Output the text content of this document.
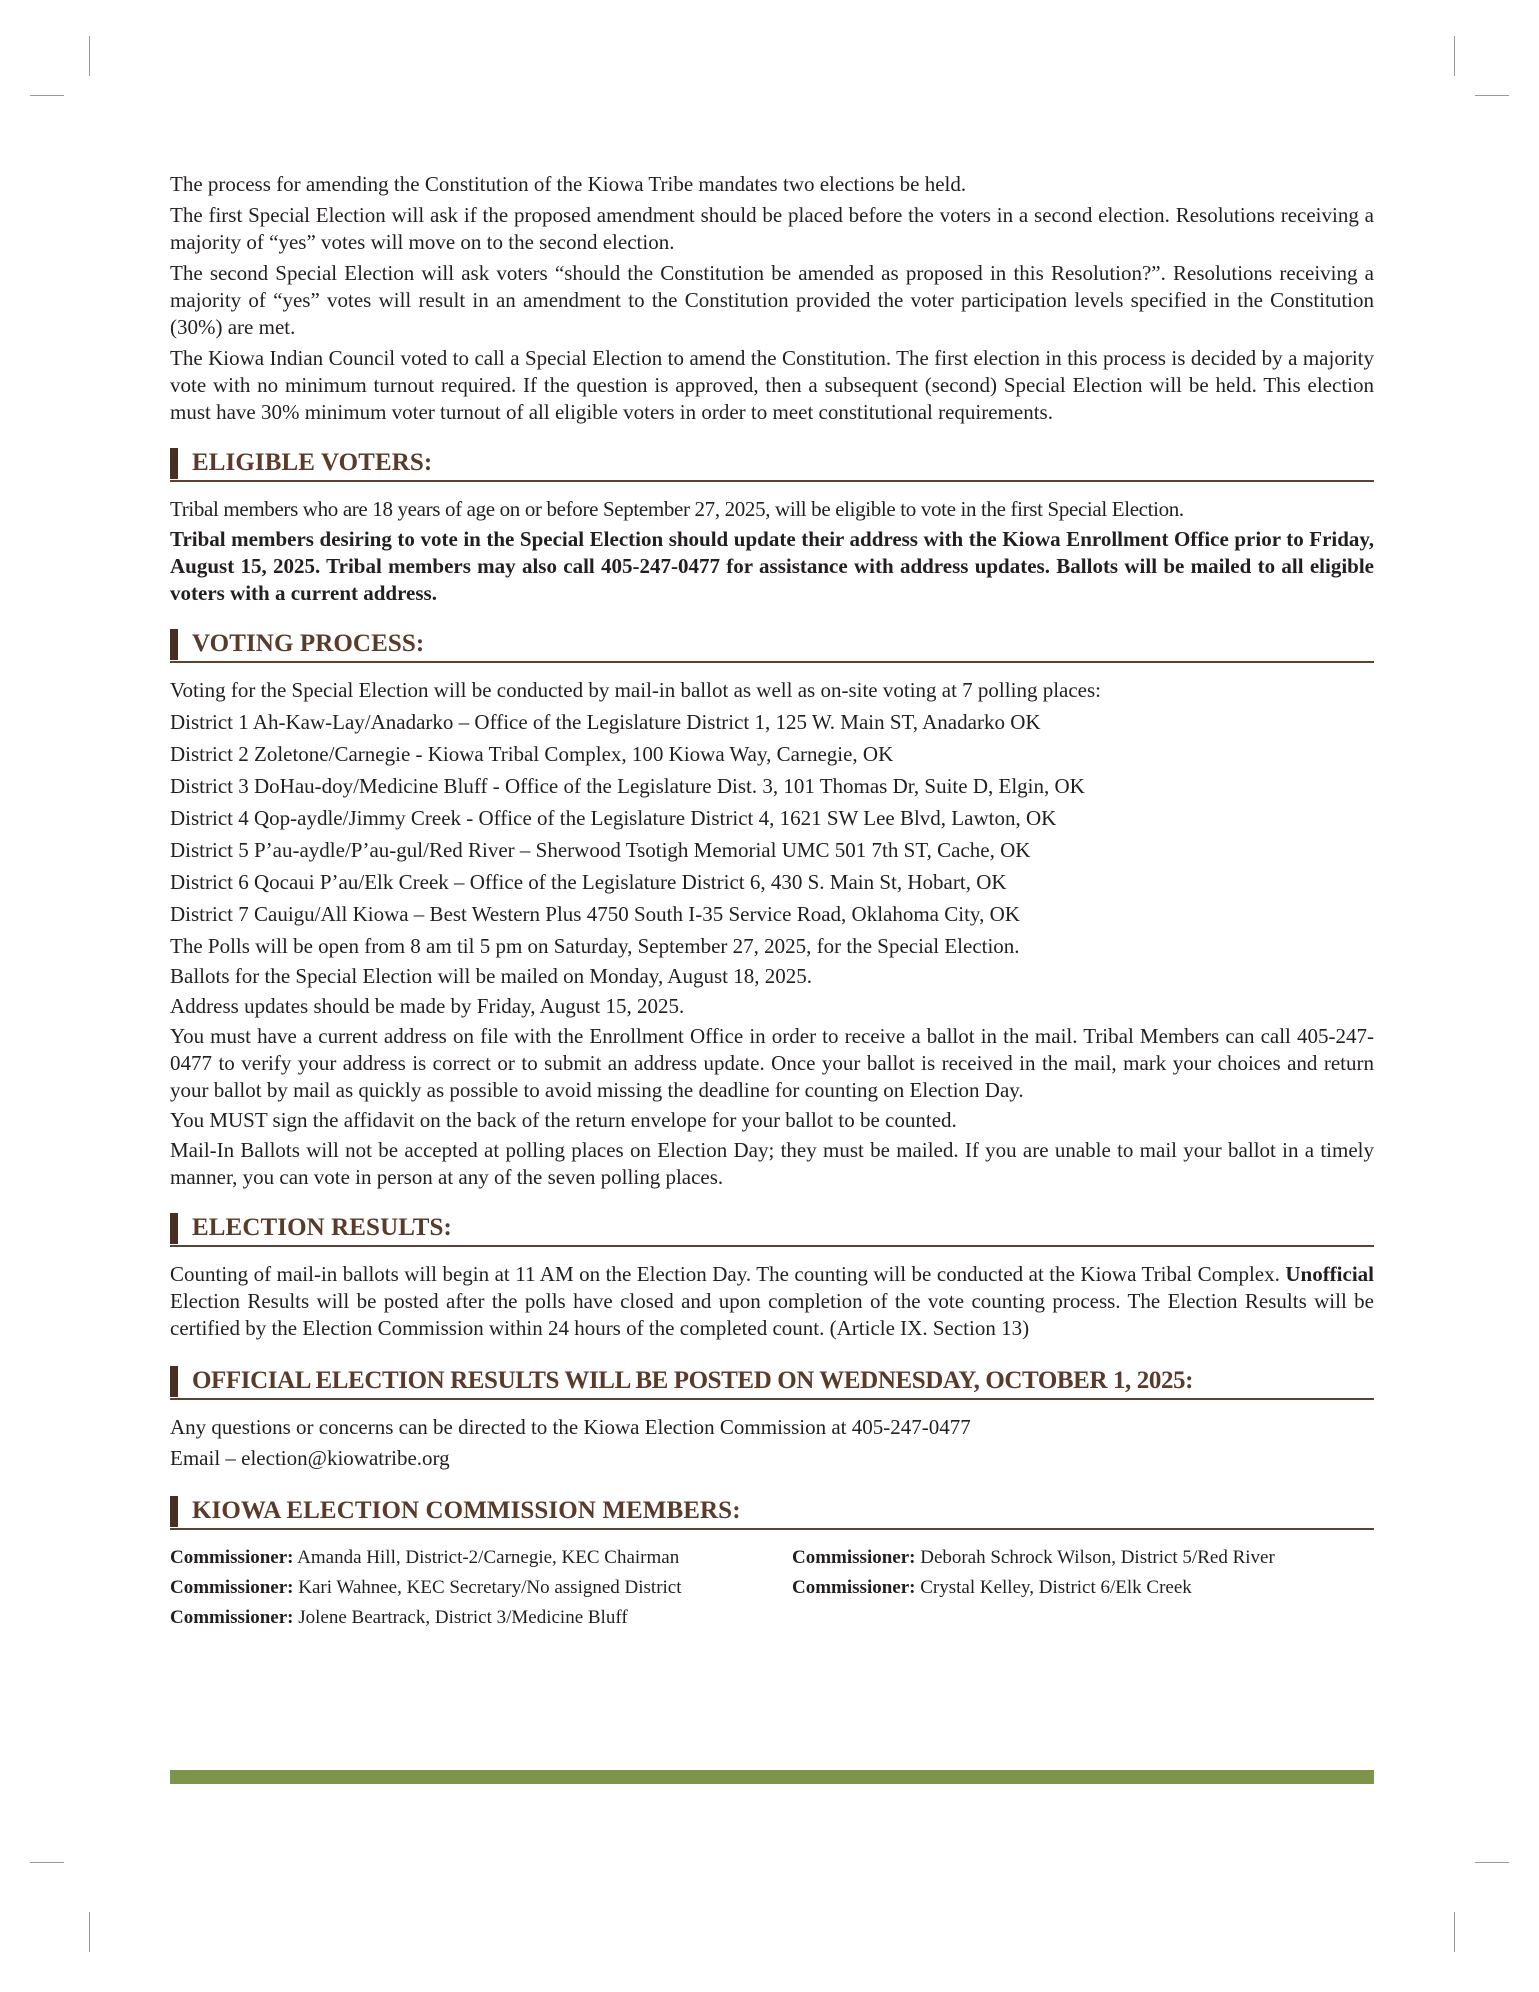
The process for amending the Constitution of the Kiowa Tribe mandates two elections be held.

The first Special Election will ask if the proposed amendment should be placed before the voters in a second election. Resolutions receiving a majority of “yes” votes will move on to the second election.

The second Special Election will ask voters “should the Constitution be amended as proposed in this Resolution?”. Resolutions receiving a majority of “yes” votes will result in an amendment to the Constitution provided the voter participation levels specified in the Constitution (30%) are met.

The Kiowa Indian Council voted to call a Special Election to amend the Constitution. The first election in this process is decided by a majority vote with no minimum turnout required. If the question is approved, then a subsequent (second) Special Election will be held. This election must have 30% minimum voter turnout of all eligible voters in order to meet constitutional requirements.

ELIGIBLE VOTERS:

Tribal members who are 18 years of age on or before September 27, 2025, will be eligible to vote in the first Special Election.

Tribal members desiring to vote in the Special Election should update their address with the Kiowa Enrollment Office prior to Friday, August 15, 2025. Tribal members may also call 405-247-0477 for assistance with address updates. Ballots will be mailed to all eligible voters with a current address.

VOTING PROCESS:

Voting for the Special Election will be conducted by mail-in ballot as well as on-site voting at 7 polling places:

District 1 Ah-Kaw-Lay/Anadarko – Office of the Legislature District 1, 125 W. Main ST, Anadarko OK

District 2 Zoletone/Carnegie - Kiowa Tribal Complex, 100 Kiowa Way, Carnegie, OK

District 3 DoHau-doy/Medicine Bluff - Office of the Legislature Dist. 3, 101 Thomas Dr, Suite D, Elgin, OK

District 4 Qop-aydle/Jimmy Creek - Office of the Legislature District 4, 1621 SW Lee Blvd, Lawton, OK

District 5 P’au-aydle/P’au-gul/Red River – Sherwood Tsotigh Memorial UMC 501 7th ST, Cache, OK

District 6 Qocaui P’au/Elk Creek – Office of the Legislature District 6, 430 S. Main St, Hobart, OK

District 7 Cauigu/All Kiowa – Best Western Plus 4750 South I-35 Service Road, Oklahoma City, OK

The Polls will be open from 8 am til 5 pm on Saturday, September 27, 2025, for the Special Election.

Ballots for the Special Election will be mailed on Monday, August 18, 2025.

Address updates should be made by Friday, August 15, 2025.

You must have a current address on file with the Enrollment Office in order to receive a ballot in the mail. Tribal Members can call 405-247-0477 to verify your address is correct or to submit an address update. Once your ballot is received in the mail, mark your choices and return your ballot by mail as quickly as possible to avoid missing the deadline for counting on Election Day.

You MUST sign the affidavit on the back of the return envelope for your ballot to be counted.

Mail-In Ballots will not be accepted at polling places on Election Day; they must be mailed. If you are unable to mail your ballot in a timely manner, you can vote in person at any of the seven polling places.

ELECTION RESULTS:

Counting of mail-in ballots will begin at 11 AM on the Election Day. The counting will be conducted at the Kiowa Tribal Complex. Unofficial Election Results will be posted after the polls have closed and upon completion of the vote counting process. The Election Results will be certified by the Election Commission within 24 hours of the completed count. (Article IX. Section 13)

OFFICIAL ELECTION RESULTS WILL BE POSTED ON WEDNESDAY, OCTOBER 1, 2025:

Any questions or concerns can be directed to the Kiowa Election Commission at 405-247-0477

Email – election@kiowatribe.org

KIOWA ELECTION COMMISSION MEMBERS:
Commissioner: Amanda Hill, District-2/Carnegie, KEC Chairman	Commissioner: Deborah Schrock Wilson, District 5/Red River
Commissioner: Kari Wahnee, KEC Secretary/No assigned District	Commissioner: Crystal Kelley, District 6/Elk Creek
Commissioner: Jolene Beartrack, District 3/Medicine Bluff
